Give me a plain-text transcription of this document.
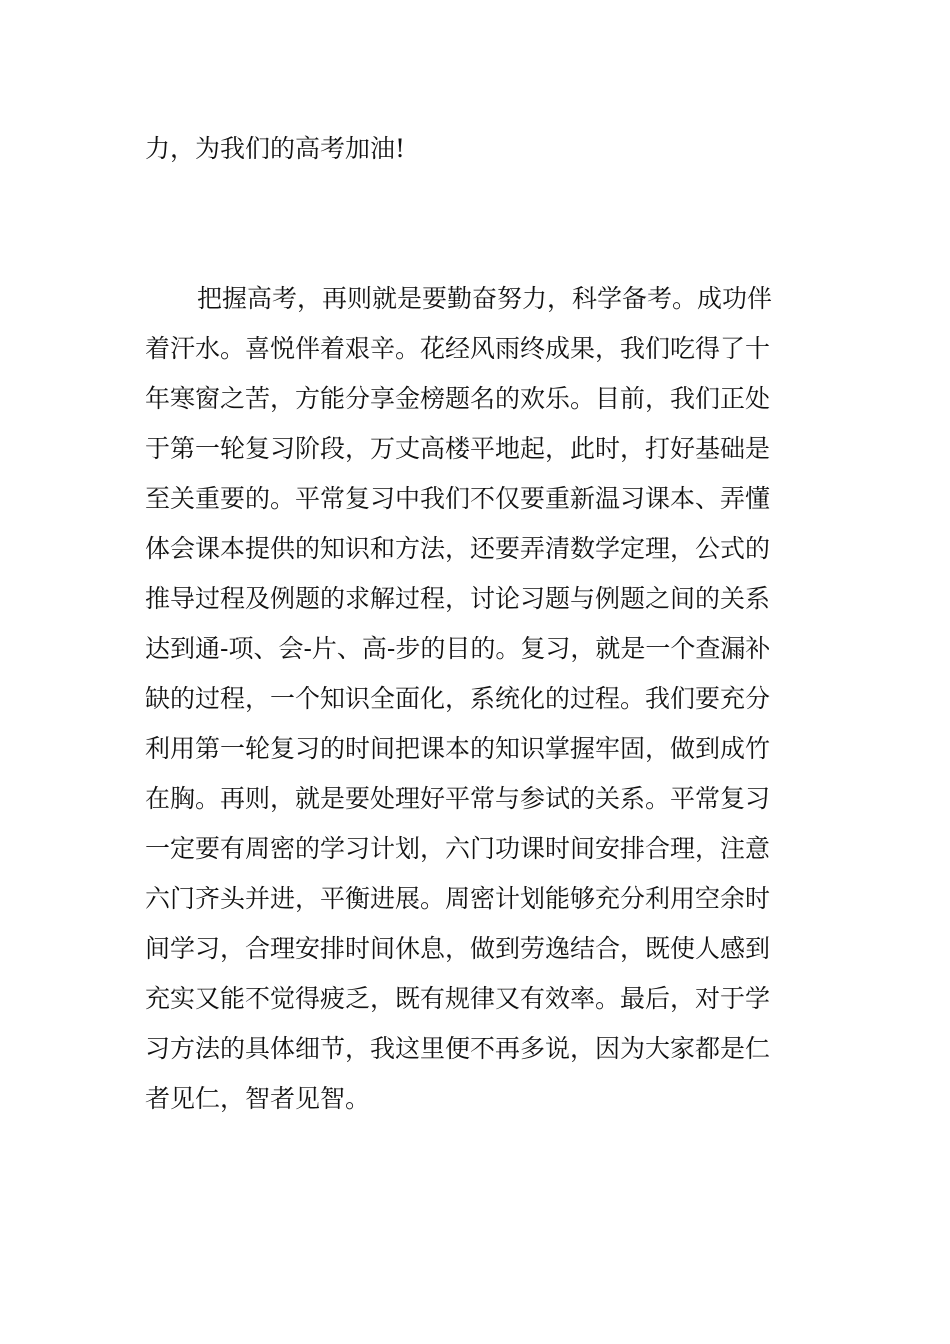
力，为我们的高考加油!

把握高考，再则就是要勤奋努力，科学备考。成功伴

着汗水。喜悦伴着艰辛。花经风雨终成果，我们吃得了十

年寒窗之苦，方能分享金榜题名的欢乐。目前，我们正处

于第一轮复习阶段，万丈高楼平地起，此时，打好基础是

至关重要的。平常复习中我们不仅要重新温习课本、弄懂

体会课本提供的知识和方法，还要弄清数学定理，公式的

推导过程及例题的求解过程，讨论习题与例题之间的关系

达到通-项、会-片、高-步的目的。复习，就是一个查漏补

缺的过程，一个知识全面化，系统化的过程。我们要充分

利用第一轮复习的时间把课本的知识掌握牢固，做到成竹

在胸。再则，就是要处理好平常与参试的关系。平常复习

一定要有周密的学习计划，六门功课时间安排合理，注意

六门齐头并进，平衡进展。周密计划能够充分利用空余时

间学习，合理安排时间休息，做到劳逸结合，既使人感到

充实又能不觉得疲乏，既有规律又有效率。最后，对于学

习方法的具体细节，我这里便不再多说，因为大家都是仁

者见仁，智者见智。
